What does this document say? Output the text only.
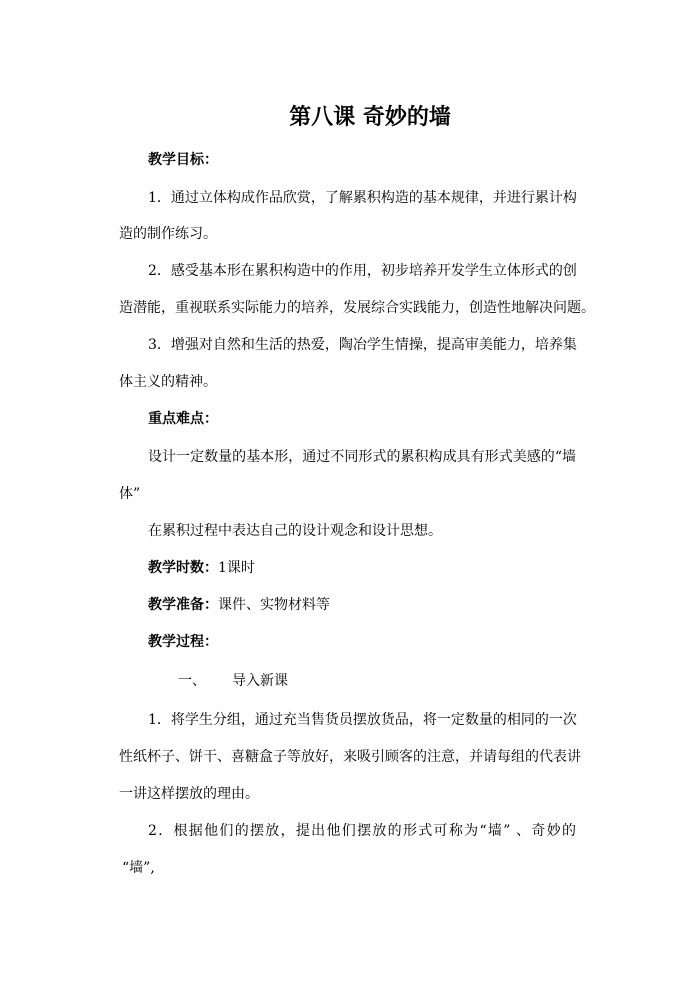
第八课 奇妙的墙
教学目标：
1．通过立体构成作品欣赏，了解累积构造的基本规律，并进行累计构
造的制作练习。
2．感受基本形在累积构造中的作用，初步培养开发学生立体形式的创
造潜能，重视联系实际能力的培养，发展综合实践能力，创造性地解决问题。
3．增强对自然和生活的热爱，陶冶学生情操，提高审美能力，培养集
体主义的精神。
重点难点：
设计一定数量的基本形，通过不同形式的累积构成具有形式美感的“墙
体”
在累积过程中表达自己的设计观念和设计思想。
教学时数：1课时
教学准备：课件、实物材料等
教学过程：
一、 导入新课
1．将学生分组，通过充当售货员摆放货品，将一定数量的相同的一次
性纸杯子、饼干、喜糖盒子等放好，来吸引顾客的注意，并请每组的代表讲
一讲这样摆放的理由。
2．根据他们的摆放，提出他们摆放的形式可称为“墙” 、奇妙的
“墙”,
